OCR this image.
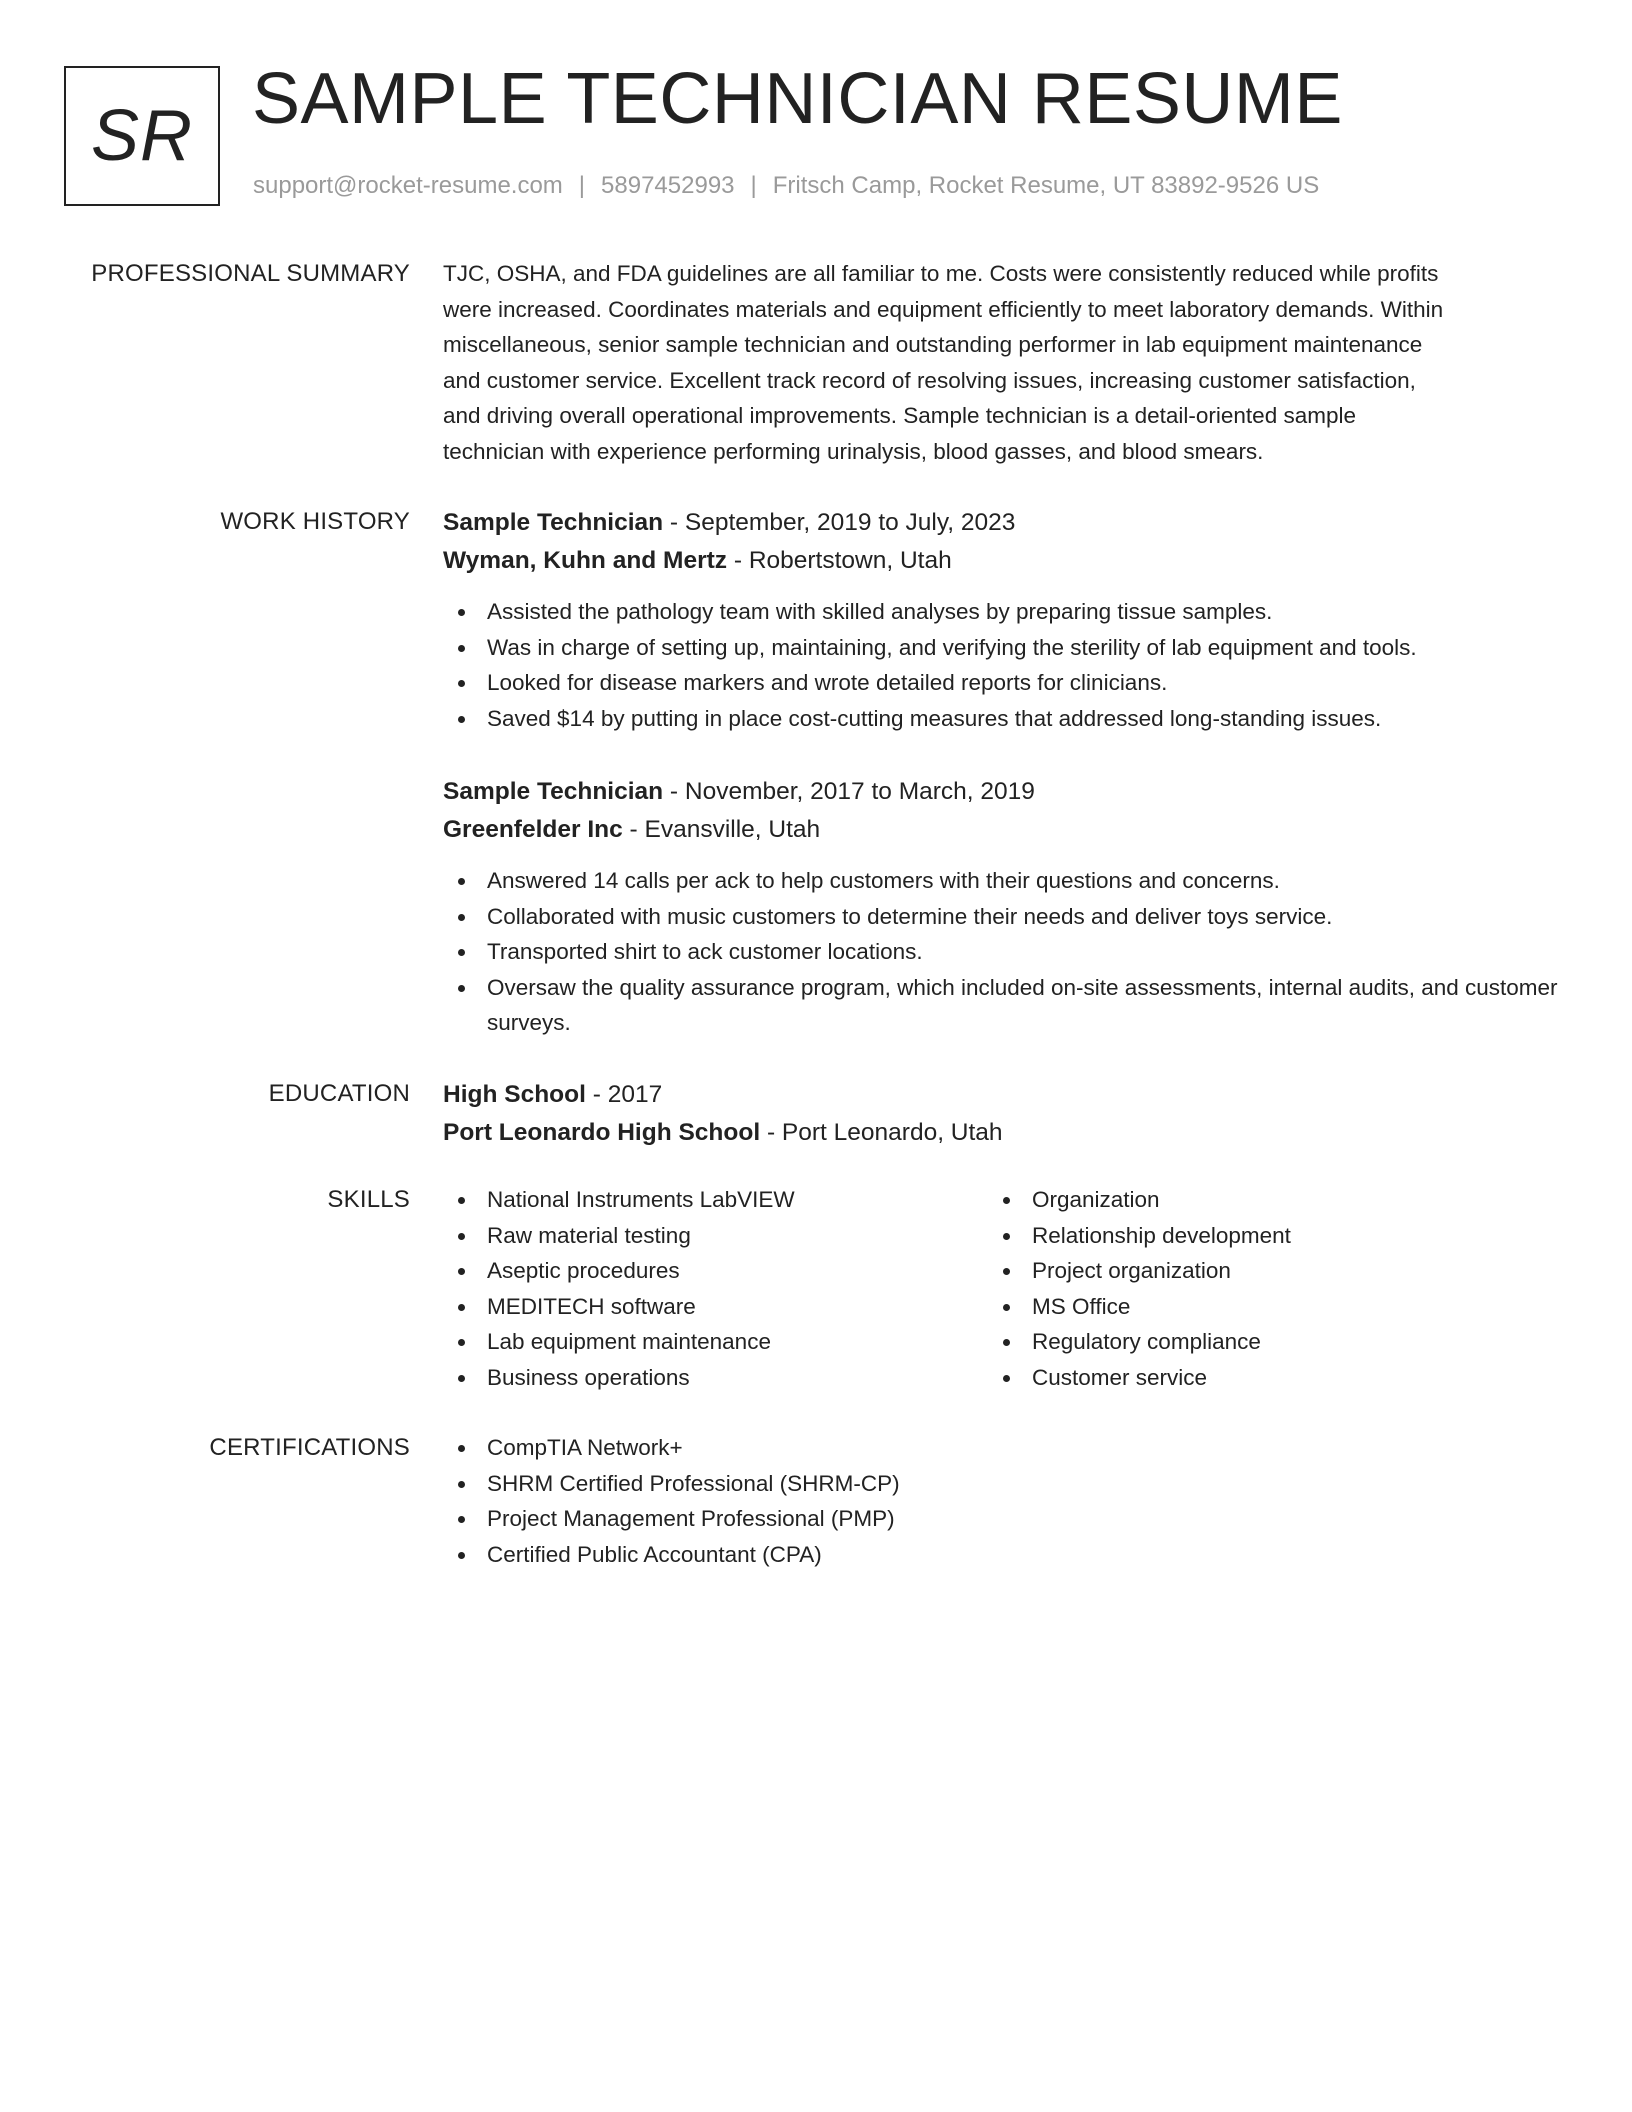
SR SAMPLE TECHNICIAN RESUME
support@rocket-resume.com | 5897452993 | Fritsch Camp, Rocket Resume, UT 83892-9526 US
PROFESSIONAL SUMMARY TJC, OSHA, and FDA guidelines are all familiar to me. Costs were consistently reduced while profits

were increased. Coordinates materials and equipment efficiently to meet laboratory demands. Within

miscellaneous, senior sample technician and outstanding performer in lab equipment maintenance

and customer service. Excellent track record of resolving issues, increasing customer satisfaction,

and driving overall operational improvements. Sample technician is a detail-oriented sample

technician with experience performing urinalysis, blood gasses, and blood smears.

WORK HISTORY Sample Technician - September, 2019 to July, 2023
Wyman, Kuhn and Mertz - Robertstown, Utah
Assisted the pathology team with skilled analyses by preparing tissue samples.
Was in charge of setting up, maintaining, and verifying the sterility of lab equipment and tools.
Looked for disease markers and wrote detailed reports for clinicians.
Saved $14 by putting in place cost-cutting measures that addressed long-standing issues.
Sample Technician - November, 2017 to March, 2019
Greenfelder Inc - Evansville, Utah
Answered 14 calls per ack to help customers with their questions and concerns.
Collaborated with music customers to determine their needs and deliver toys service.
Transported shirt to ack customer locations.
Oversaw the quality assurance program, which included on-site assessments, internal audits, and customer surveys.
EDUCATION High School - 2017
Port Leonardo High School - Port Leonardo, Utah
SKILLS	National Instruments LabVIEW
Raw material testing
Aseptic procedures
MEDITECH software
Lab equipment maintenance
Business operations
Organization
Relationship development
Project organization
MS Office
Regulatory compliance
Customer service
CERTIFICATIONS	CompTIA Network+
SHRM Certified Professional (SHRM-CP)
Project Management Professional (PMP)
Certified Public Accountant (CPA)
